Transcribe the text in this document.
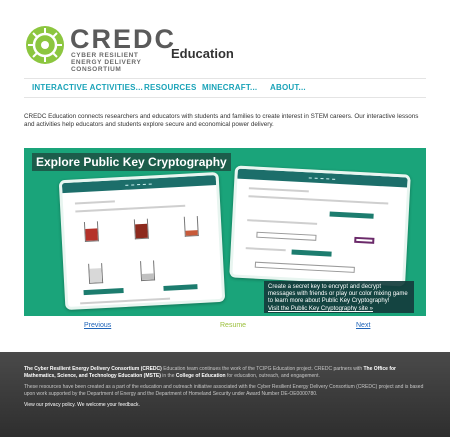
CREDC
CYBER RESILIENT ENERGY DELIVERY CONSORTIUM
Education
INTERACTIVE ACTIVITIES... RESOURCES MINECRAFT... ABOUT...

CREDC Education connects researchers and educators with students and families to create interest in STEM careers. Our interactive lessons and activities help educators and students explore secure and economical power delivery.

Explore Public Key Cryptography
▬ ▬ ▬ ▬ ▬
▬ ▬ ▬ ▬ ▬
Create a secret key to encrypt and decrypt messages with friends or play our color mixing game to learn more about Public Key Cryptography!
Visit the Public Key Cryptography site »
Previous	Resume	Next

The Cyber Resilient Energy Delivery Consortium (CREDC) Education team continues the work of the TCIPG Education project. CREDC partners with The Office for Mathematics, Science, and Technology Education (MSTE) in the College of Education for education, outreach, and engagement.

These resources have been created as a part of the education and outreach initiative associated with the Cyber Resilient Energy Delivery Consortium (CREDC) project and is based upon work supported by the Department of Energy and the Department of Homeland Security under Award Number DE-OE0000780.

View our privacy policy. We welcome your feedback.
